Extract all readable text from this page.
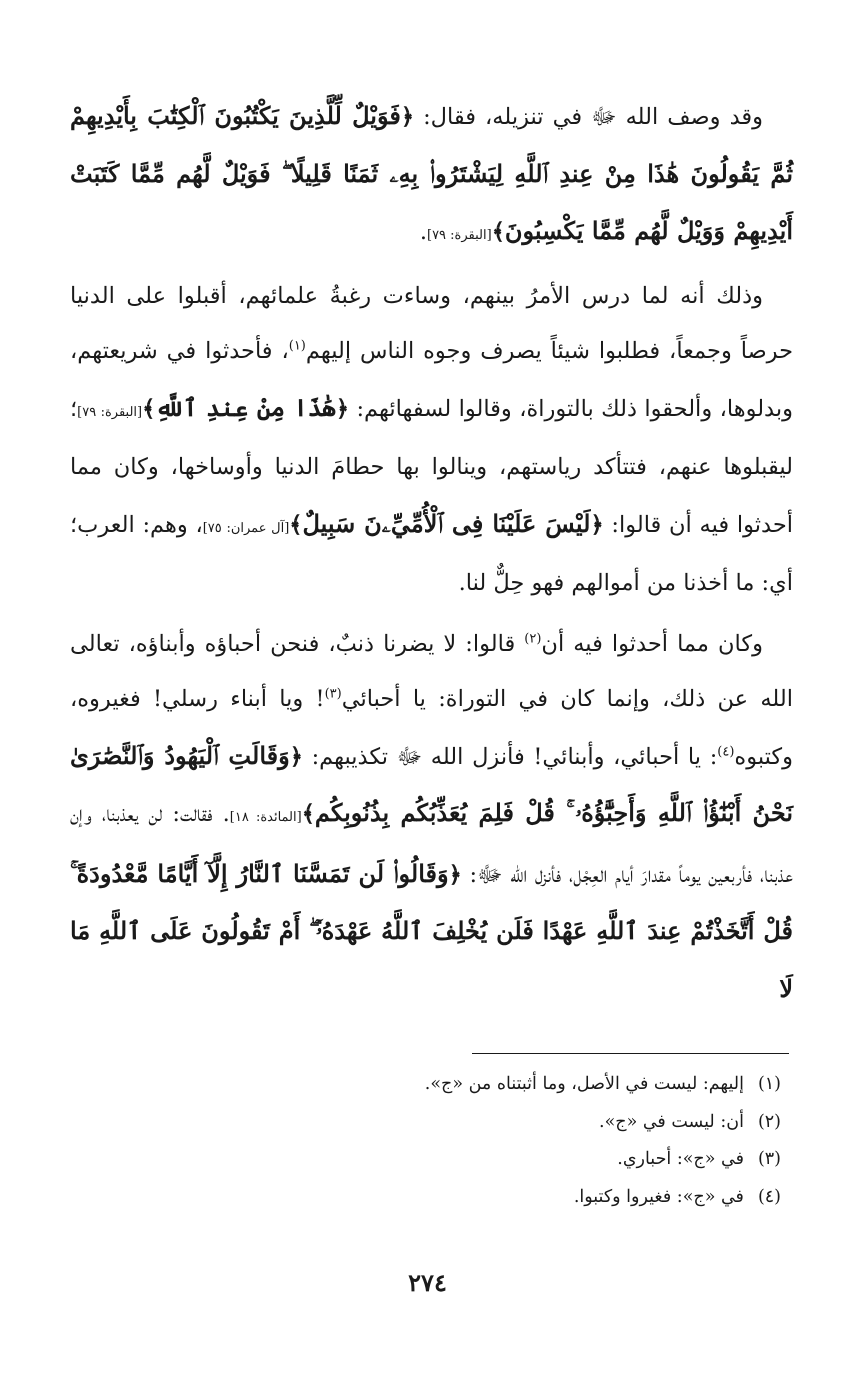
وقد وصف الله ﷻ في تنزيله، فقال: ﴿فَوَيْلٌ لِّلَّذِينَ يَكْتُبُونَ ٱلْكِتَٰبَ بِأَيْدِيهِمْ ثُمَّ يَقُولُونَ هَٰذَا مِنْ عِندِ ٱللَّهِ لِيَشْتَرُوا۟ بِهِۦ ثَمَنًا قَلِيلًا ۖ فَوَيْلٌ لَّهُم مِّمَّا كَتَبَتْ أَيْدِيهِمْ وَوَيْلٌ لَّهُم مِّمَّا يَكْسِبُونَ﴾[البقرة: ٧٩].

وذلك أنه لما درس الأمرُ بينهم، وساءت رغبةُ علمائهم، أقبلوا على الدنيا حرصاً وجمعاً، فطلبوا شيئاً يصرف وجوه الناس إليهم$^{(١)}$، فأحدثوا في شريعتهم، وبدلوها، وألحقوا ذلك بالتوراة، وقالوا لسفهائهم: ﴿هَٰذَا مِنْ عِندِ ٱللَّهِ﴾[البقرة: ٧٩]؛ ليقبلوها عنهم، فتتأكد رياستهم، وينالوا بها حطامَ الدنيا وأوساخها، وكان مما أحدثوا فيه أن قالوا: ﴿لَيْسَ عَلَيْنَا فِى ٱلْأُمِّيِّۦنَ سَبِيلٌ﴾[آل عمران: ٧٥]، وهم: العرب؛ أي: ما أخذنا من أموالهم فهو حِلٌّ لنا.

وكان مما أحدثوا فيه أن$^{(٢)}$ قالوا: لا يضرنا ذنبٌ، فنحن أحباؤه وأبناؤه، تعالى الله عن ذلك، وإنما كان في التوراة: يا أحبائي$^{(٣)}$! ويا أبناء رسلي! فغيروه، وكتبوه$^{(٤)}$: يا أحبائي، وأبنائي! فأنزل الله ﷻ تكذيبهم: ﴿وَقَالَتِ ٱلْيَهُودُ وَٱلنَّصَٰرَىٰ نَحْنُ أَبْنَٰٓؤُا۟ ٱللَّهِ وَأَحِبَّٰٓؤُهُۥ ۚ قُلْ فَلِمَ يُعَذِّبُكُم بِذُنُوبِكُم﴾[المائدة: ١٨]. فقالت: لن يعذبنا، وإن عذبنا، فأربعين يوماً مقدارَ أيام العِجْل، فأنزل الله ﷻ: ﴿وَقَالُوا۟ لَن تَمَسَّنَا ٱلنَّارُ إِلَّآ أَيَّامًا مَّعْدُودَةً ۚ قُلْ أَتَّخَذْتُمْ عِندَ ٱللَّهِ عَهْدًا فَلَن يُخْلِفَ ٱللَّهُ عَهْدَهُۥٓ ۖ أَمْ تَقُولُونَ عَلَى ٱللَّهِ مَا لَا

(١)إليهم: ليست في الأصل، وما أثبتناه من «ج».
(٢)أن: ليست في «ج».
(٣)في «ج»: أحباري.
(٤)في «ج»: فغيروا وكتبوا.
٢٧٤
